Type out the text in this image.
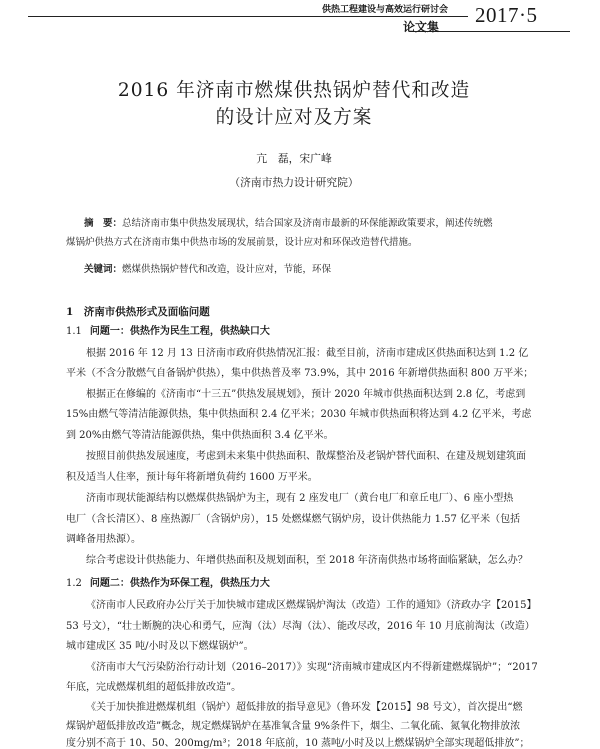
供热工程建设与高效运行研讨会 2017·5
论文集
2016 年济南市燃煤供热锅炉替代和改造
的设计应对及方案
亢　磊，宋广峰
（济南市热力设计研究院）
摘　要：总结济南市集中供热发展现状，结合国家及济南市最新的环保能源政策要求，阐述传统燃
煤锅炉供热方式在济南市集中供热市场的发展前景，设计应对和环保改造替代措施。
关键词：燃煤供热锅炉替代和改造，设计应对，节能，环保
1　济南市供热形式及面临问题
1.1 问题一：供热作为民生工程，供热缺口大
根据 2016 年 12 月 13 日济南市政府供热情况汇报：截至目前，济南市建成区供热面积达到 1.2 亿
平米（不含分散燃气自备锅炉供热），集中供热普及率 73.9%，其中 2016 年新增供热面积 800 万平米；
根据正在修编的《济南市“十三五”供热发展规划》，预计 2020 年城市供热面积达到 2.8 亿，考虑到
15%由燃气等清洁能源供热，集中供热面积 2.4 亿平米；2030 年城市供热面积将达到 4.2 亿平米，考虑
到 20%由燃气等清洁能源供热，集中供热面积 3.4 亿平米。
按照目前供热发展速度，考虑到未来集中供热面积、散煤整治及老锅炉替代面积、在建及规划建筑面
积及适当人住率，预计每年将新增负荷约 1600 万平米。
济南市现状能源结构以燃煤供热锅炉为主，现有 2 座发电厂（黄台电厂和章丘电厂）、6 座小型热
电厂（含长清区）、8 座热源厂（含锅炉房），15 处燃煤燃气锅炉房，设计供热能力 1.57 亿平米（包括
调峰备用热源）。
综合考虑设计供热能力、年增供热面积及规划面积，至 2018 年济南供热市场将面临紧缺，怎么办？
1.2 问题二：供热作为环保工程，供热压力大
《济南市人民政府办公厅关于加快城市建成区燃煤锅炉淘汰（改造）工作的通知》（济政办字【2015】
53 号文），“壮士断腕的决心和勇气，应淘（汰）尽淘（汰）、能改尽改，2016 年 10 月底前淘汰（改造）
城市建成区 35 吨/小时及以下燃煤锅炉”。
《济南市大气污染防治行动计划（2016–2017）》实现“济南城市建成区内不得新建燃煤锅炉”；“2017
年底，完成燃煤机组的超低排放改造”。
《关于加快推进燃煤机组（锅炉）超低排放的指导意见》（鲁环发【2015】98 号文），首次提出“燃
煤锅炉超低排放改造”概念，规定燃煤锅炉在基准氧含量 9%条件下，烟尘、二氧化硫、氮氧化物排放浓
度分别不高于 10、50、200mg/m³；2018 年底前，10 蒸吨/小时及以上燃煤锅炉全部实现超低排放”；
